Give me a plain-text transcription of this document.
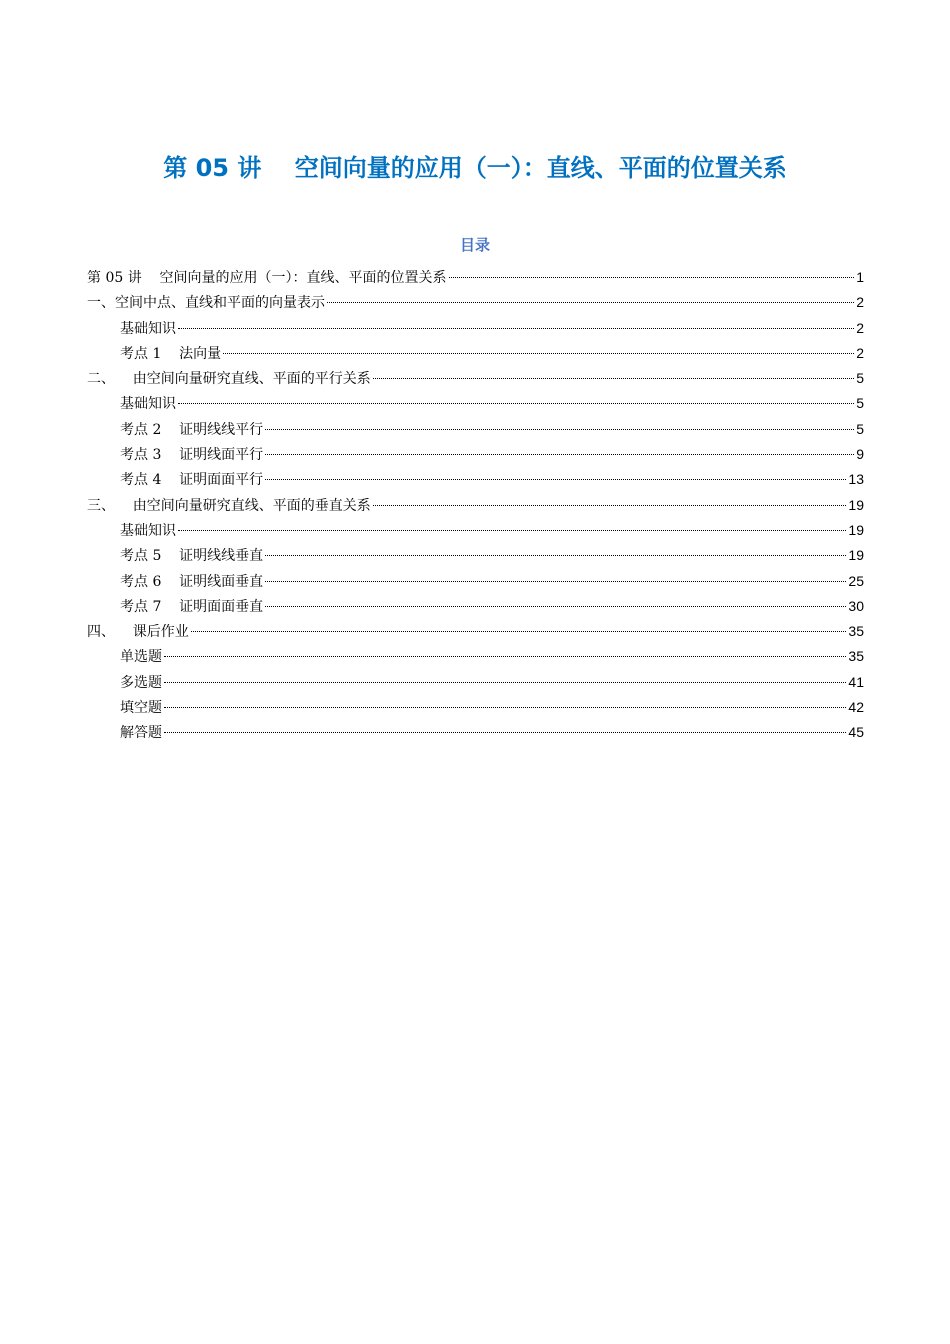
第 05 讲    空间向量的应用（一）：直线、平面的位置关系
目录
第 05 讲    空间向量的应用（一）：直线、平面的位置关系	1
一、空间中点、直线和平面的向量表示	2
基础知识	2
考点 1    法向量	2
二、    由空间向量研究直线、平面的平行关系	5
基础知识	5
考点 2    证明线线平行	5
考点 3    证明线面平行	9
考点 4    证明面面平行	13
三、    由空间向量研究直线、平面的垂直关系	19
基础知识	19
考点 5    证明线线垂直	19
考点 6    证明线面垂直	25
考点 7    证明面面垂直	30
四、    课后作业	35
单选题	35
多选题	41
填空题	42
解答题	45
